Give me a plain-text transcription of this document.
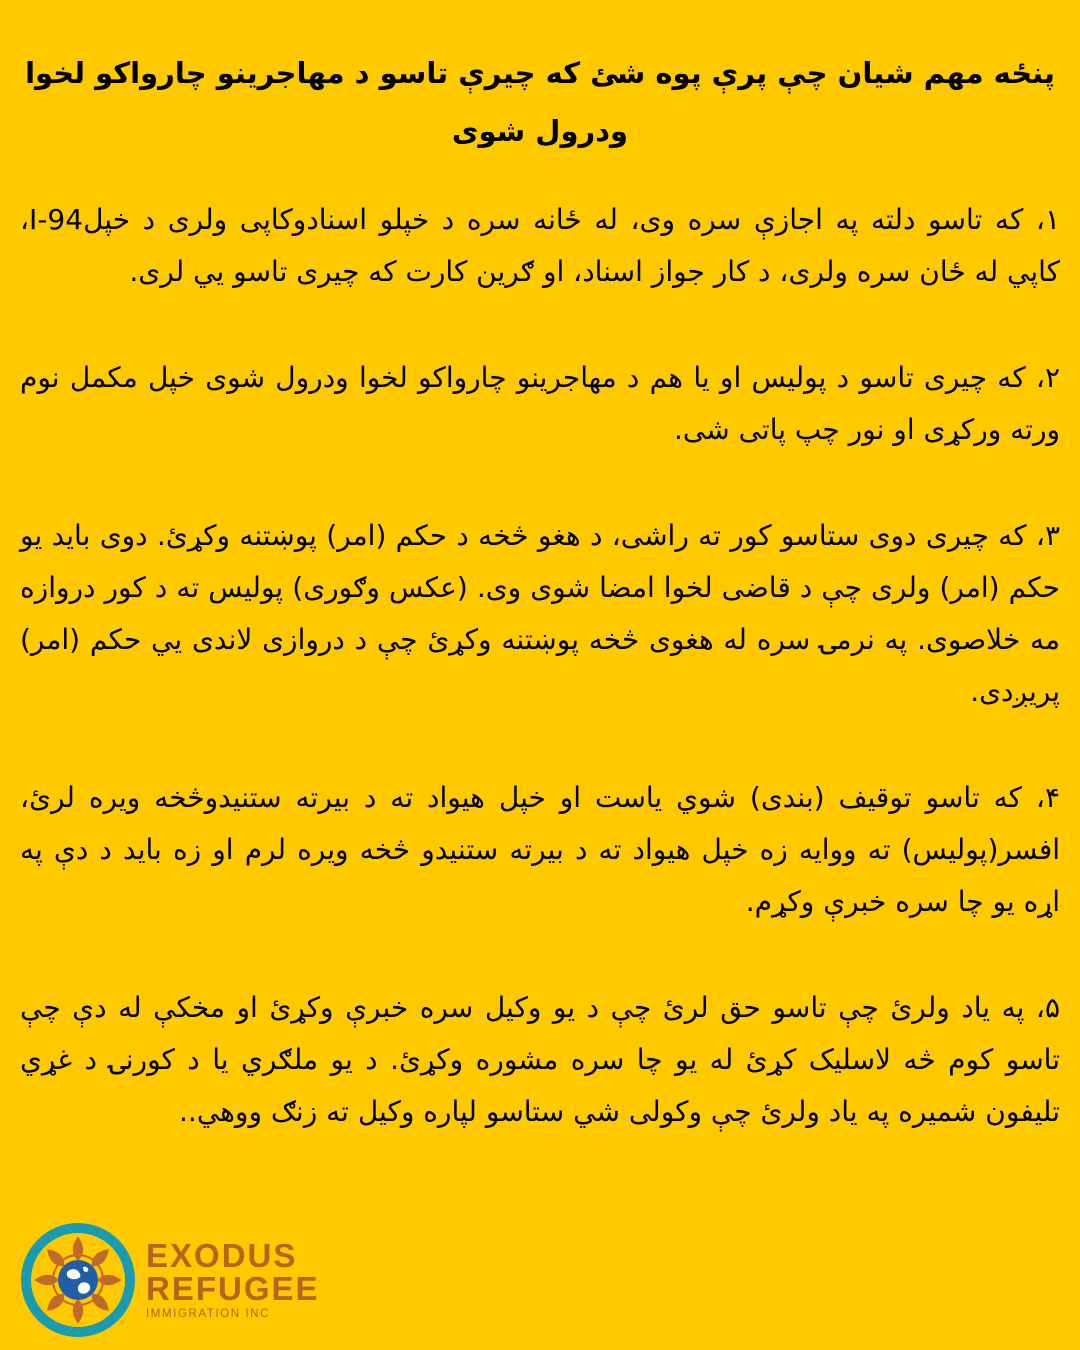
پنځه مهم شیان چې پرې پوه شئ که چیرې تاسو د مهاجرینو چارواکو لخوا ودرول شوی
١، که تاسو دلته په اجازې سره وی، له ځانه سره د خپلو اسنادوکاپی ولری د خپل94-I، کاپي له ځان سره ولری، د کار جواز اسناد، او ګرین کارت که چیری تاسو يي لری.
٢، که چیری تاسو د پولیس او یا هم د مهاجرینو چارواکو لخوا ودرول شوی خپل مکمل نوم ورته ورکړی او نور چپ پاتی شی.
٣، که چیری دوی ستاسو کور ته راشی، د هغو څخه د حکم (امر) پوښتنه وکړئ. دوی باید یو حکم (امر) ولری چې د قاضی لخوا امضا شوی وی. (عکس وګوری) پولیس ته د کور دروازه مه خلاصوی. په نرمۍ سره له هغوی څخه پوښتنه وکړئ چې د دروازی لاندی يي حکم (امر) پریږدی.
۴، که تاسو توقیف (بندی) شوي یاست او خپل هیواد ته د بیرته ستنیدوڅخه ویره لرئ، افسر(پولیس) ته ووایه زه خپل هیواد ته د بیرته ستنیدو څخه ویره لرم او زه باید د دې په اړه یو چا سره خبرې وکړم.
۵، په یاد ولرئ چې تاسو حق لرئ چې د یو وکیل سره خبرې وکړئ او مخکې له دې چې تاسو کوم څه لاسلیک کړئ له یو چا سره مشوره وکړئ. د یو ملګري یا د کورنۍ د غړي تلیفون شمیره په یاد ولرئ چې وکولی شي ستاسو لپاره وکیل ته زنګ ووهي..
EXODUS
REFUGEE
IMMIGRATION INC
